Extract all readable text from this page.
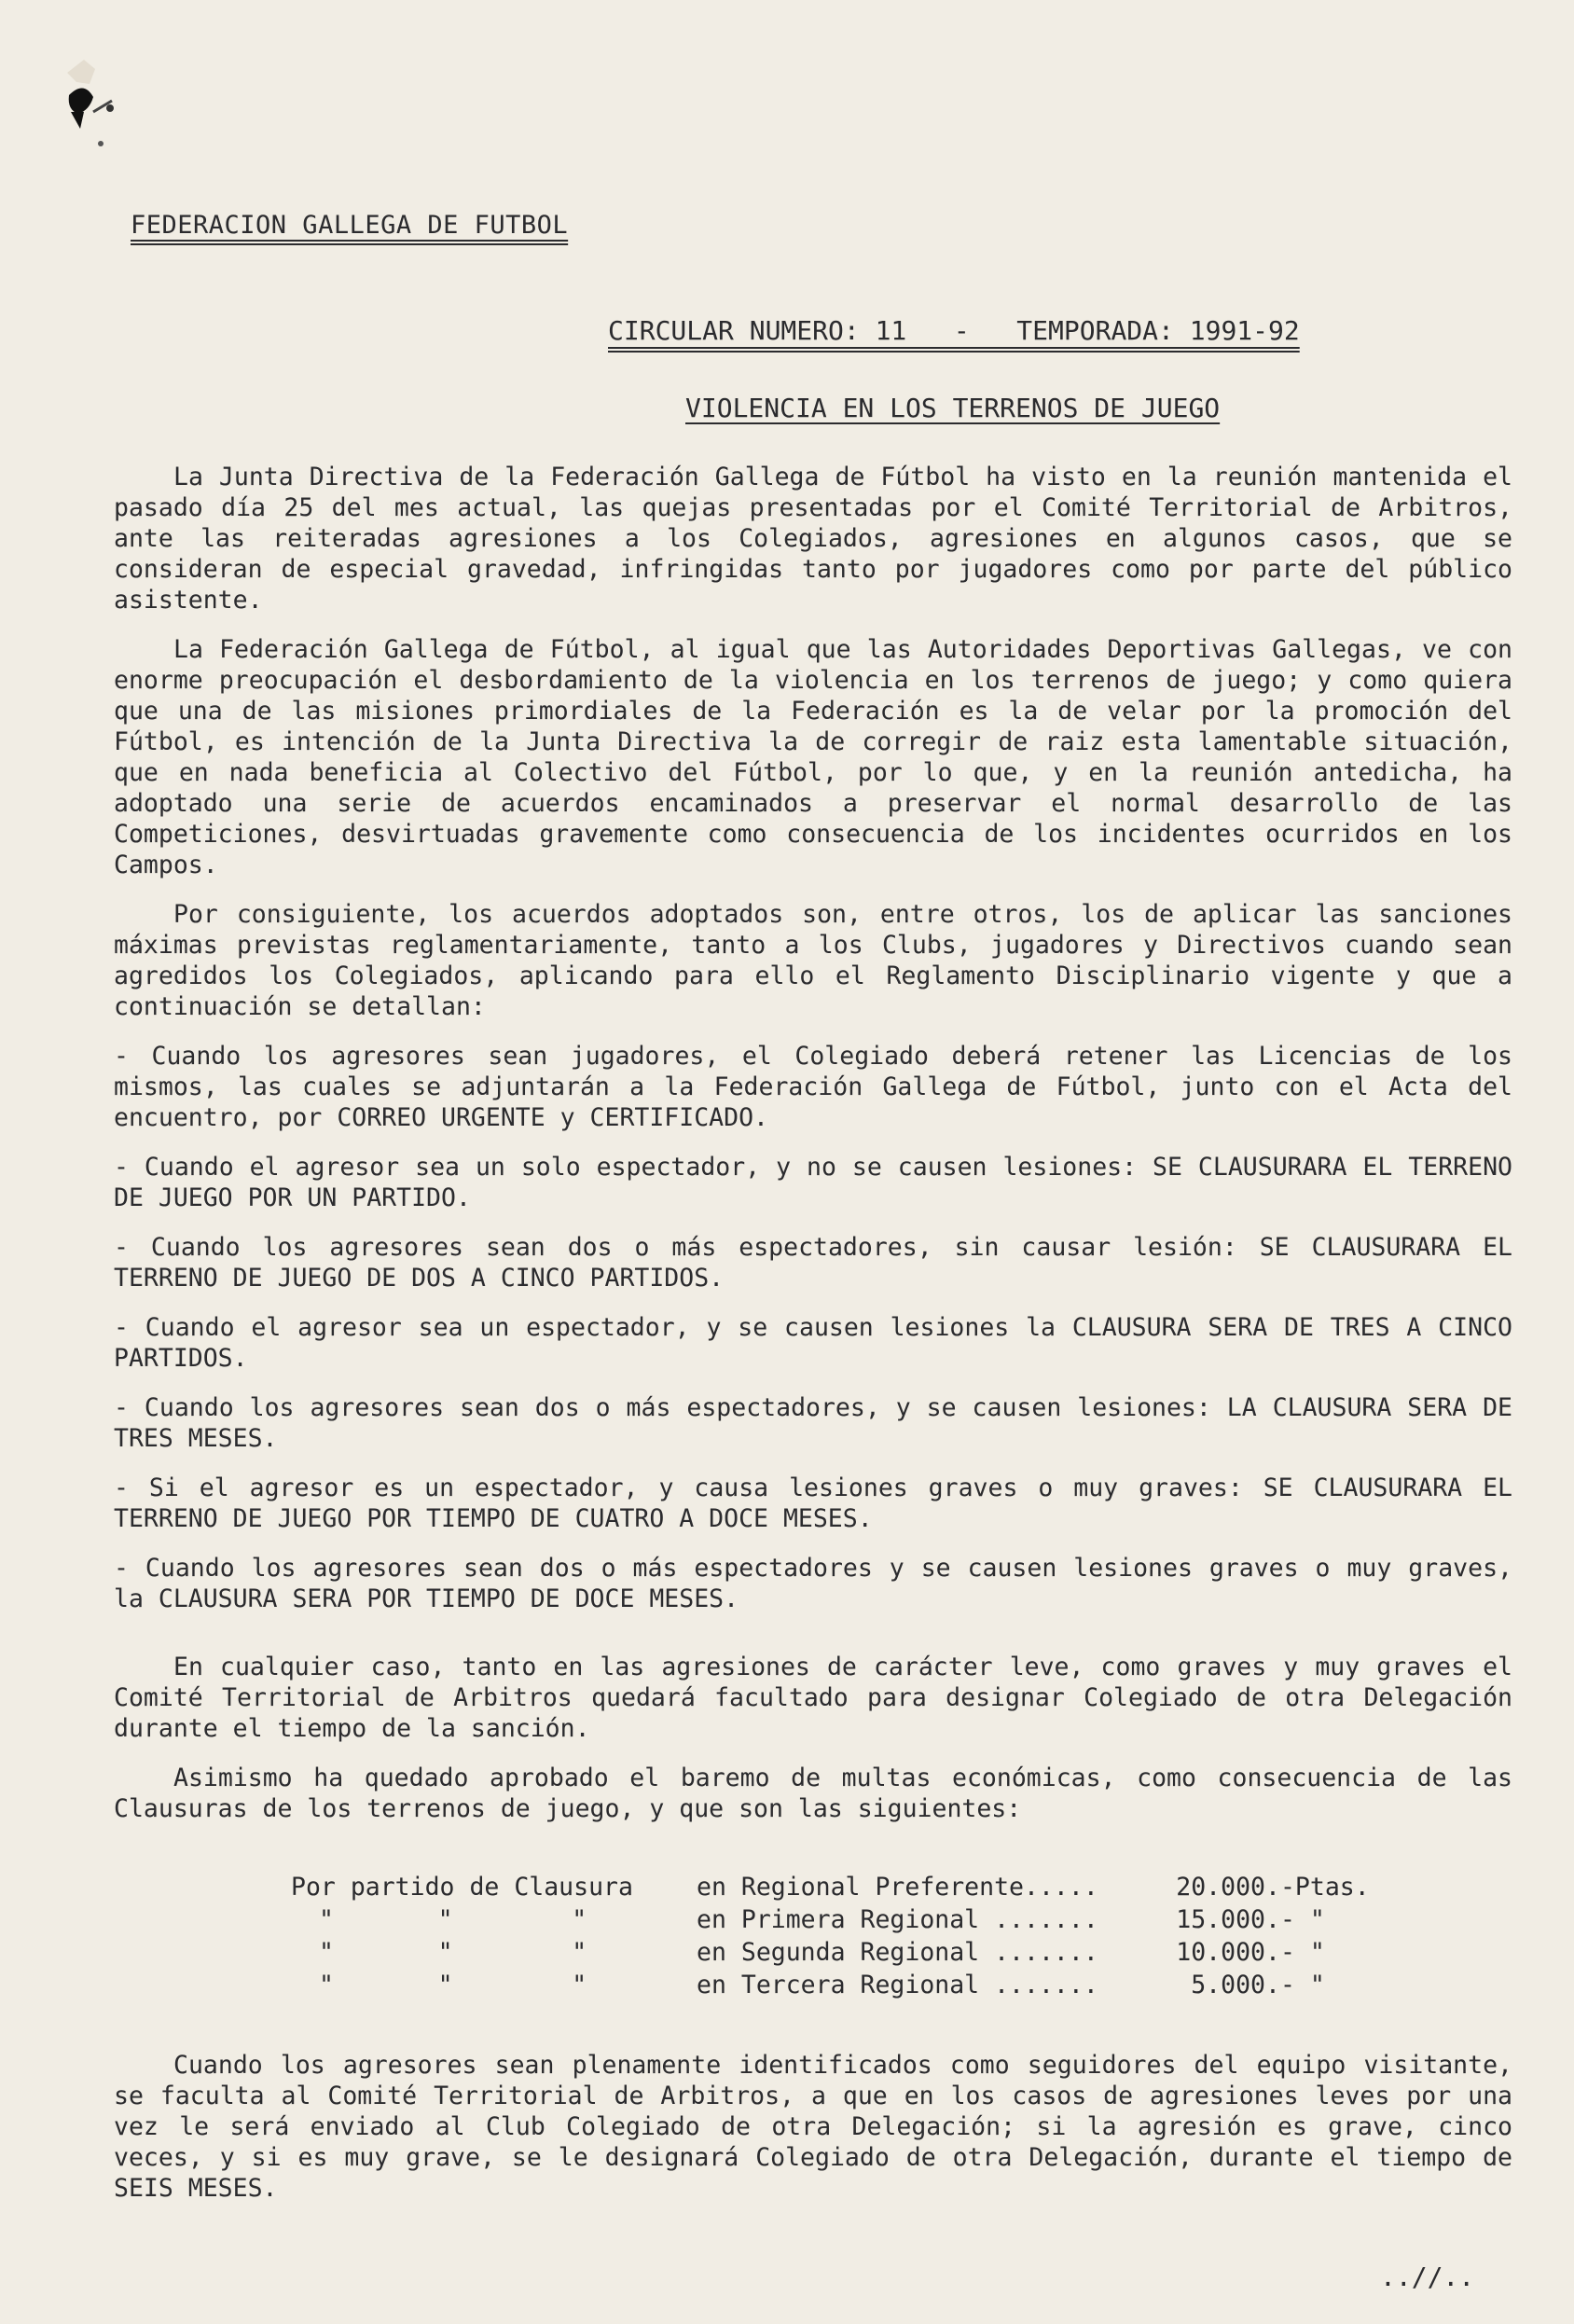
FEDERACION GALLEGA DE FUTBOL
CIRCULAR NUMERO: 11   -   TEMPORADA: 1991-92
VIOLENCIA EN LOS TERRENOS DE JUEGO

La Junta Directiva de la Federación Gallega de Fútbol ha visto en la reunión mantenida el pasado día 25 del mes actual, las quejas presentadas por el Comité Territorial de Arbitros, ante las reiteradas agresiones a los Colegiados, agresiones en algunos casos, que se consideran de especial gravedad, infringidas tanto por jugadores como por parte del público asistente.

La Federación Gallega de Fútbol, al igual que las Autoridades Deportivas Gallegas, ve con enorme preocupación el desbordamiento de la violencia en los terrenos de juego; y como quiera que una de las misiones primordiales de la Federación es la de velar por la promoción del Fútbol, es intención de la Junta Directiva la de corregir de raiz esta lamentable situación, que en nada beneficia al Colectivo del Fútbol, por lo que, y en la reunión antedicha, ha adoptado una serie de acuerdos encaminados a preservar el normal desarrollo de las Competiciones, desvirtuadas gravemente como consecuencia de los incidentes ocurridos en los Campos.

Por consiguiente, los acuerdos adoptados son, entre otros, los de aplicar las sanciones máximas previstas reglamentariamente, tanto a los Clubs, jugadores y Directivos cuando sean agredidos los Colegiados, aplicando para ello el Reglamento Disciplinario vigente y que a continuación se detallan:

- Cuando los agresores sean jugadores, el Colegiado deberá retener las Licencias de los mismos, las cuales se adjuntarán a la Federación Gallega de Fútbol, junto con el Acta del encuentro, por CORREO URGENTE y CERTIFICADO.

- Cuando el agresor sea un solo espectador, y no se causen lesiones: SE CLAUSURARA EL TERRENO DE JUEGO POR UN PARTIDO.

- Cuando los agresores sean dos o más espectadores, sin causar lesión: SE CLAUSURARA EL TERRENO DE JUEGO DE DOS A CINCO PARTIDOS.

- Cuando el agresor sea un espectador, y se causen lesiones la CLAUSURA SERA DE TRES A CINCO PARTIDOS.

- Cuando los agresores sean dos o más espectadores, y se causen lesiones: LA CLAUSURA SERA DE TRES MESES.

- Si el agresor es un espectador, y causa lesiones graves o muy graves: SE CLAUSURARA EL TERRENO DE JUEGO POR TIEMPO DE CUATRO A DOCE MESES.

- Cuando los agresores sean dos o más espectadores y se causen lesiones graves o muy graves, la CLAUSURA SERA POR TIEMPO DE DOCE MESES.

En cualquier caso, tanto en las agresiones de carácter leve, como graves y muy graves el Comité Territorial de Arbitros quedará facultado para designar Colegiado de otra Delegación durante el tiempo de la sanción.

Asimismo ha quedado aprobado el baremo de multas económicas, como consecuencia de las Clausuras de los terrenos de juego, y que son las siguientes:

Por partido de Clausura	en Regional Preferente.....	20.000	.-Ptas.
"       "        "	en Primera Regional .......	15.000	.- "
"       "        "	en Segunda Regional .......	10.000	.- "
"       "        "	en Tercera Regional .......	5.000	.- "

Cuando los agresores sean plenamente identificados como seguidores del equipo visitante, se faculta al Comité Territorial de Arbitros, a que en los casos de agresiones leves por una vez le será enviado al Club Colegiado de otra Delegación; si la agresión es grave, cinco veces, y si es muy grave, se le designará Colegiado de otra Delegación, durante el tiempo de SEIS MESES.

..//..
